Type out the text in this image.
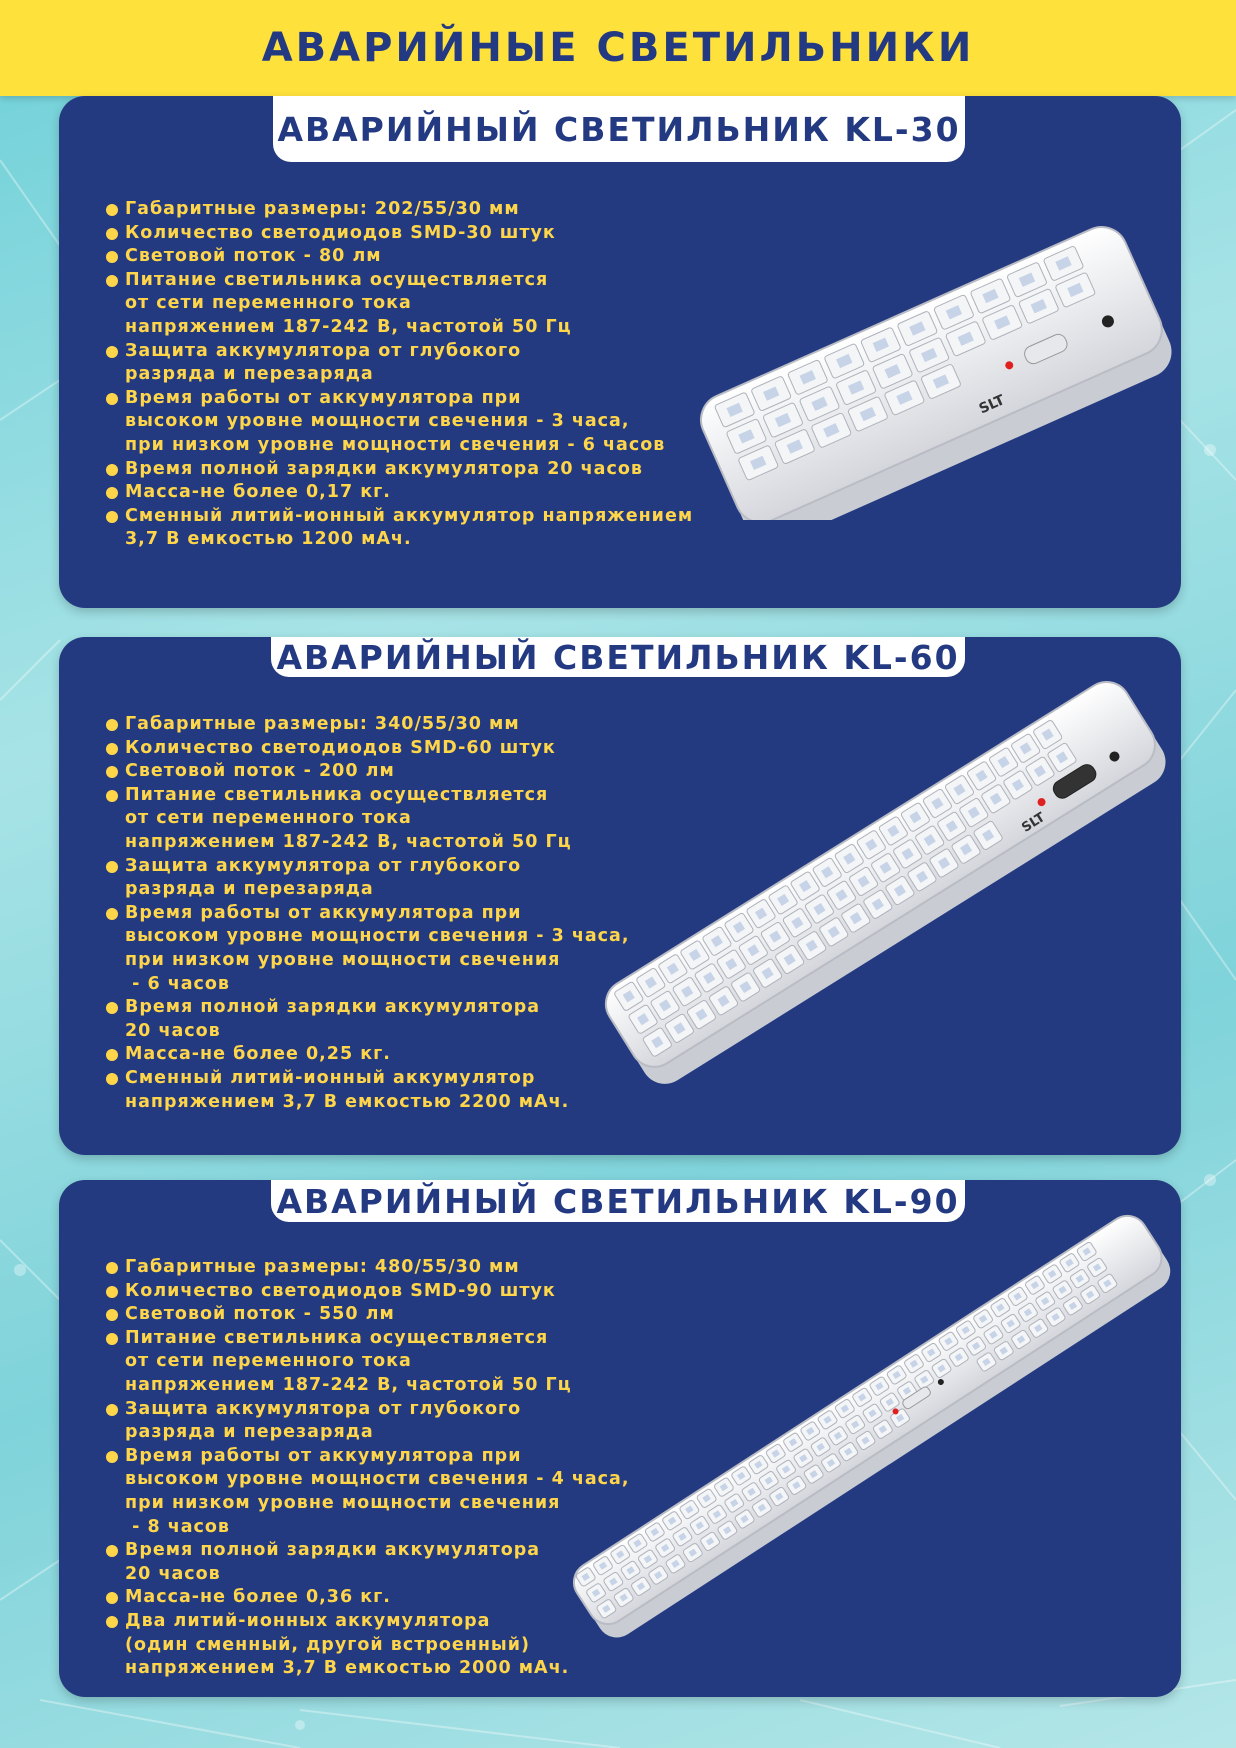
АВАРИЙНЫЕ СВЕТИЛЬНИКИ
АВАРИЙНЫЙ СВЕТИЛЬНИК KL-30
Габаритные размеры: 202/55/30 мм
Количество светодиодов SMD-30 штук
Световой поток - 80 лм
Питание светильника осуществляется
от сети переменного тока
напряжением 187-242 В, частотой 50 Гц
Защита аккумулятора от глубокого
разряда и перезаряда
Время работы от аккумулятора при
высоком уровне мощности свечения - 3 часа,
при низком уровне мощности свечения - 6 часов
Время полной зарядки аккумулятора 20 часов
Масса-не более 0,17 кг.
Сменный литий-ионный аккумулятор напряжением
3,7 В емкостью 1200 мАч.
SLT
АВАРИЙНЫЙ СВЕТИЛЬНИК KL-60
Габаритные размеры: 340/55/30 мм
Количество светодиодов SMD-60 штук
Световой поток - 200 лм
Питание светильника осуществляется
от сети переменного тока
напряжением 187-242 В, частотой 50 Гц
Защита аккумулятора от глубокого
разряда и перезаряда
Время работы от аккумулятора при
высоком уровне мощности свечения - 3 часа,
при низком уровне мощности свечения
- 6 часов
Время полной зарядки аккумулятора
20 часов
Масса-не более 0,25 кг.
Сменный литий-ионный аккумулятор
напряжением 3,7 В емкостью 2200 мАч.
SLT
АВАРИЙНЫЙ СВЕТИЛЬНИК KL-90
Габаритные размеры: 480/55/30 мм
Количество светодиодов SMD-90 штук
Световой поток - 550 лм
Питание светильника осуществляется
от сети переменного тока
напряжением 187-242 В, частотой 50 Гц
Защита аккумулятора от глубокого
разряда и перезаряда
Время работы от аккумулятора при
высоком уровне мощности свечения - 4 часа,
при низком уровне мощности свечения
- 8 часов
Время полной зарядки аккумулятора
20 часов
Масса-не более 0,36 кг.
Два литий-ионных аккумулятора
(один сменный, другой встроенный)
напряжением 3,7 В емкостью 2000 мАч.
